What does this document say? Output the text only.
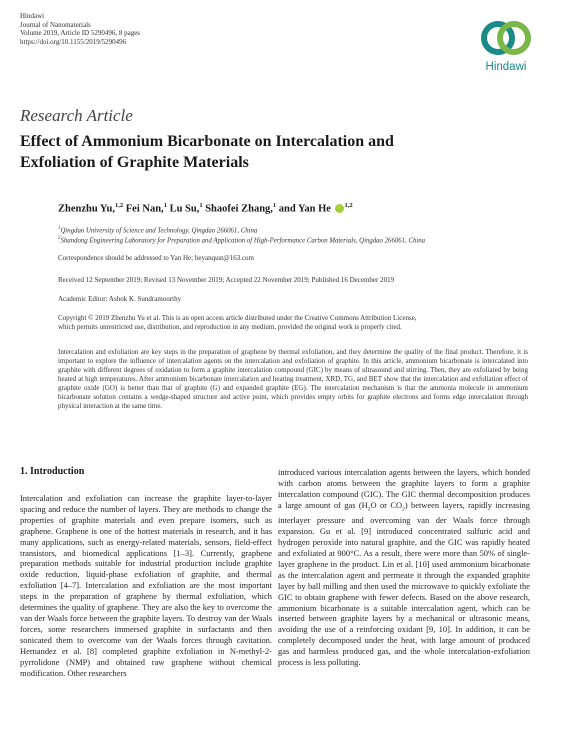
Hindawi
Journal of Nanomaterials
Volume 2019, Article ID 5290496, 8 pages
https://doi.org/10.1155/2019/5290496
Hindawi
Research Article
Effect of Ammonium Bicarbonate on Intercalation and
Exfoliation of Graphite Materials
Zhenzhu Yu,$^{1,2}$ Fei Nan,$^1$ Lu Su,$^1$ Shaofei Zhang,$^1$ and Yan He $^{1,2}$
$^1$Qingdao University of Science and Technology, Qingdao 266061, China
$^2$Shandong Engineering Laboratory for Preparation and Application of High-Performance Carbon Materials, Qingdao 266061, China
Correspondence should be addressed to Yan He; heyanqust@163.com
Received 12 September 2019; Revised 13 November 2019; Accepted 22 November 2019; Published 16 December 2019
Academic Editor: Ashok K. Sundramoorthy
Copyright © 2019 Zhenzhu Yu et al. This is an open access article distributed under the Creative Commons Attribution License,
which permits unrestricted use, distribution, and reproduction in any medium, provided the original work is properly cited.
Intercalation and exfoliation are key steps in the preparation of graphene by thermal exfoliation, and they determine the quality of the final product. Therefore, it is important to explore the influence of intercalation agents on the intercalation and exfoliation of graphite. In this article, ammonium bicarbonate is intercalated into graphite with different degrees of oxidation to form a graphite intercalation compound (GIC) by means of ultrasound and stirring. Then, they are exfoliated by being heated at high temperatures. After ammonium bicarbonate intercalation and heating treatment, XRD, TG, and BET show that the intercalation and exfoliation effect of graphite oxide (GO) is better than that of graphite (G) and expanded graphite (EG). The intercalation mechanism is that the ammonia molecule in ammonium bicarbonate solution contains a wedge-shaped structure and active point, which provides empty orbits for graphite electrons and forms edge intercalation through physical interaction at the same time.
1. Introduction
Intercalation and exfoliation can increase the graphite layer-to-layer spacing and reduce the number of layers. They are methods to change the properties of graphite materials and even prepare isomers, such as graphene. Graphene is one of the hottest materials in research, and it has many applications, such as energy-related materials, sensors, field-effect transistors, and biomedical applications [1–3]. Currently, graphene preparation methods suitable for industrial production include graphite oxide reduction, liquid-phase exfoliation of graphite, and thermal exfoliation [4–7]. Intercalation and exfoliation are the most important steps in the preparation of graphene by thermal exfoliation, which determines the quality of graphene. They are also the key to overcome the van der Waals force between the graphite layers. To destroy van der Waals forces, some researchers immersed graphite in surfactants and then sonicated them to overcome van der Waals forces through cavitation. Hernandez et al. [8] completed graphite exfoliation in N-methyl-2-pyrrolidone (NMP) and obtained raw graphene without chemical modification. Other researchers
introduced various intercalation agents between the layers, which bonded with carbon atoms between the graphite layers to form a graphite intercalation compound (GIC). The GIC thermal decomposition produces a large amount of gas ($H_2O$ or $CO_2$) between layers, rapidly increasing interlayer pressure and overcoming van der Waals force through expansion. Gu et al. [9] introduced concentrated sulfuric acid and hydrogen peroxide into natural graphite, and the GIC was rapidly heated and exfoliated at 900°C. As a result, there were more than 50% of single-layer graphene in the product. Lin et al. [10] used ammonium bicarbonate as the intercalation agent and permeate it through the expanded graphite layer by ball milling and then used the microwave to quickly exfoliate the GIC to obtain graphene with fewer defects. Based on the above research, ammonium bicarbonate is a suitable intercalation agent, which can be inserted between graphite layers by a mechanical or ultrasonic means, avoiding the use of a reinforcing oxidant [9, 10]. In addition, it can be completely decomposed under the heat, with large amount of produced gas and harmless produced gas, and the whole intercalation-exfoliation process is less polluting.
